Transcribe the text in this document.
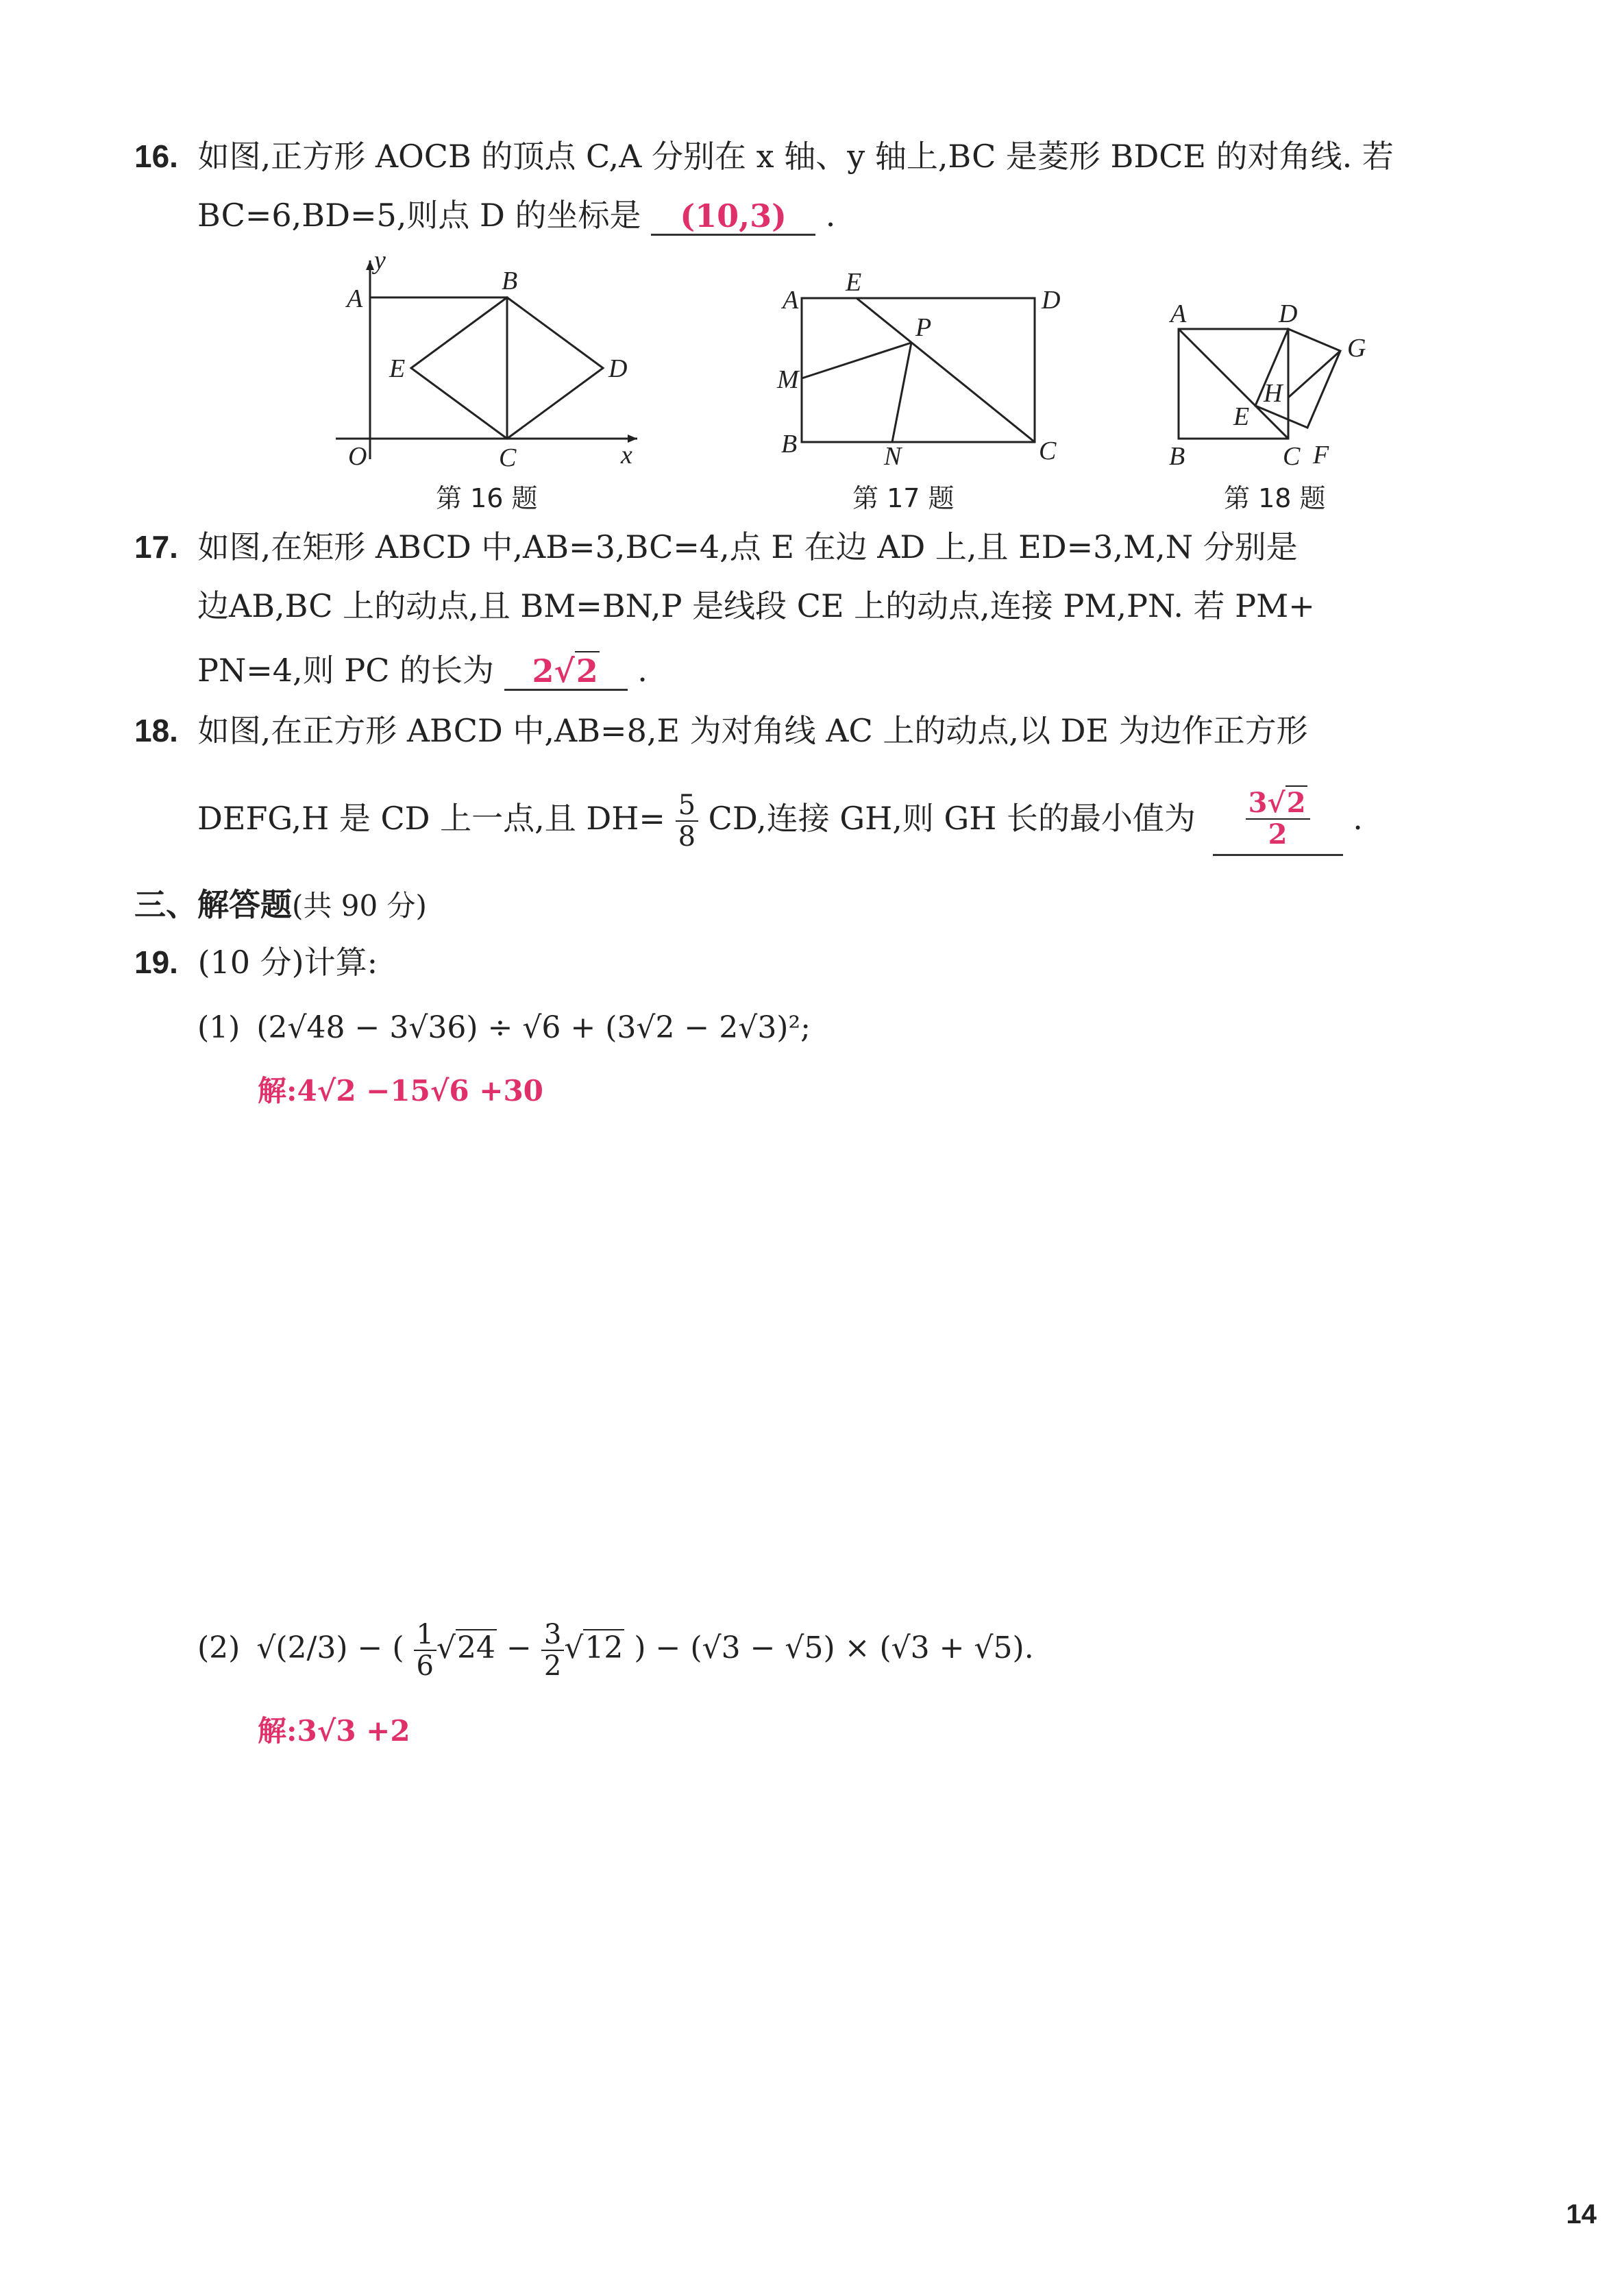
16. 如图,正方形 AOCB 的顶点 C,A 分别在 x 轴、y 轴上,BC 是菱形 BDCE 的对角线. 若
BC=6,BD=5,则点 D 的坐标是 (10,3) .
A
y
B
E	D
O	C	x
第 16 题
A
E
D
P
M
B	N	C
第 17 题
A	D
G
H
E
B	C F
第 18 题
17. 如图,在矩形 ABCD 中,AB=3,BC=4,点 E 在边 AD 上,且 ED=3,M,N 分别是
边AB,BC 上的动点,且 BM=BN,P 是线段 CE 上的动点,连接 PM,PN. 若 PM+
PN=4,则 PC 的长为 2√2 .
18. 如图,在正方形 ABCD 中,AB=8,E 为对角线 AC 上的动点,以 DE 为边作正方形
DEFG,H 是 CD 上一点,且 $DH= \frac{5}{8}$ CD,连接 GH,则 GH 长的最小值为 $\frac{3√2}{2}$ .
三、解答题(共 90 分)
19. (10 分)计算:
(1) (2√48 − 3√36) ÷ √6 + (3√2 − 2√3)²;
解:4√2 −15√6 +30
(2) √(2/3) − ( $\frac{1}{6} √24 - \frac{3}{2} √12$ ) − (√3 − √5) × (√3 + √5).
解:3√3 +2
14
